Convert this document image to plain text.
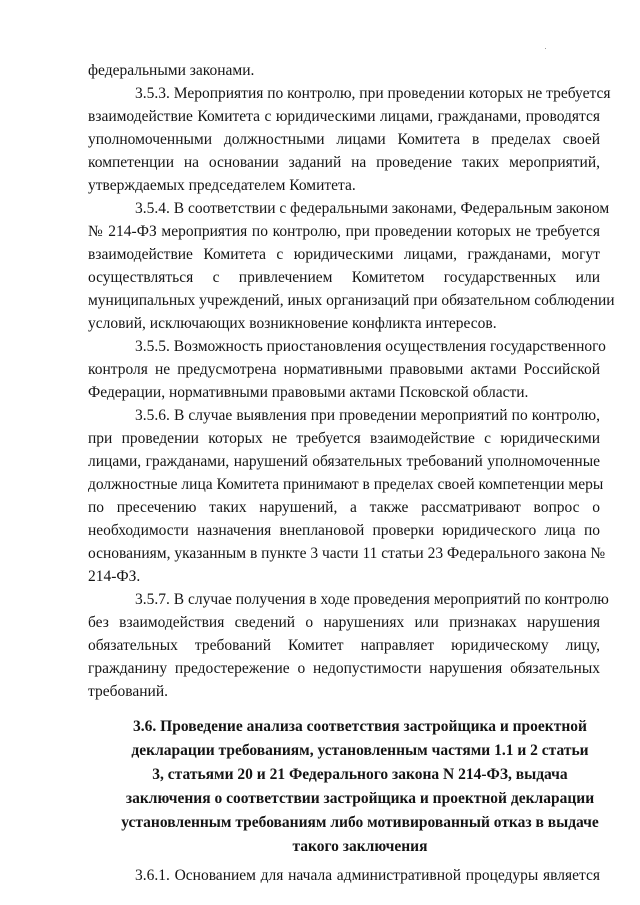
федеральными законами.
3.5.3. Мероприятия по контролю, при проведении которых не требуется
взаимодействие Комитета с юридическими лицами, гражданами, проводятся
уполномоченными должностными лицами Комитета в пределах своей
компетенции на основании заданий на проведение таких мероприятий,
утверждаемых председателем Комитета.
3.5.4. В соответствии с федеральными законами, Федеральным законом
№ 214-ФЗ мероприятия по контролю, при проведении которых не требуется
взаимодействие Комитета с юридическими лицами, гражданами, могут
осуществляться с привлечением Комитетом государственных или
муниципальных учреждений, иных организаций при обязательном соблюдении
условий, исключающих возникновение конфликта интересов.
3.5.5. Возможность приостановления осуществления государственного
контроля не предусмотрена нормативными правовыми актами Российской
Федерации, нормативными правовыми актами Псковской области.
3.5.6. В случае выявления при проведении мероприятий по контролю,
при проведении которых не требуется взаимодействие с юридическими
лицами, гражданами, нарушений обязательных требований уполномоченные
должностные лица Комитета принимают в пределах своей компетенции меры
по пресечению таких нарушений, а также рассматривают вопрос о
необходимости назначения внеплановой проверки юридического лица по
основаниям, указанным в пункте 3 части 11 статьи 23 Федерального закона №
214-ФЗ.
3.5.7. В случае получения в ходе проведения мероприятий по контролю
без взаимодействия сведений о нарушениях или признаках нарушения
обязательных требований Комитет направляет юридическому лицу,
гражданину предостережение о недопустимости нарушения обязательных
требований.
3.6.1. Основанием для начала административной процедуры является
3.6. Проведение анализа соответствия застройщика и проектной
декларации требованиям, установленным частями 1.1 и 2 статьи
3, статьями 20 и 21 Федерального закона N 214-ФЗ, выдача
заключения о соответствии застройщика и проектной декларации
установленным требованиям либо мотивированный отказ в выдаче
такого заключения
